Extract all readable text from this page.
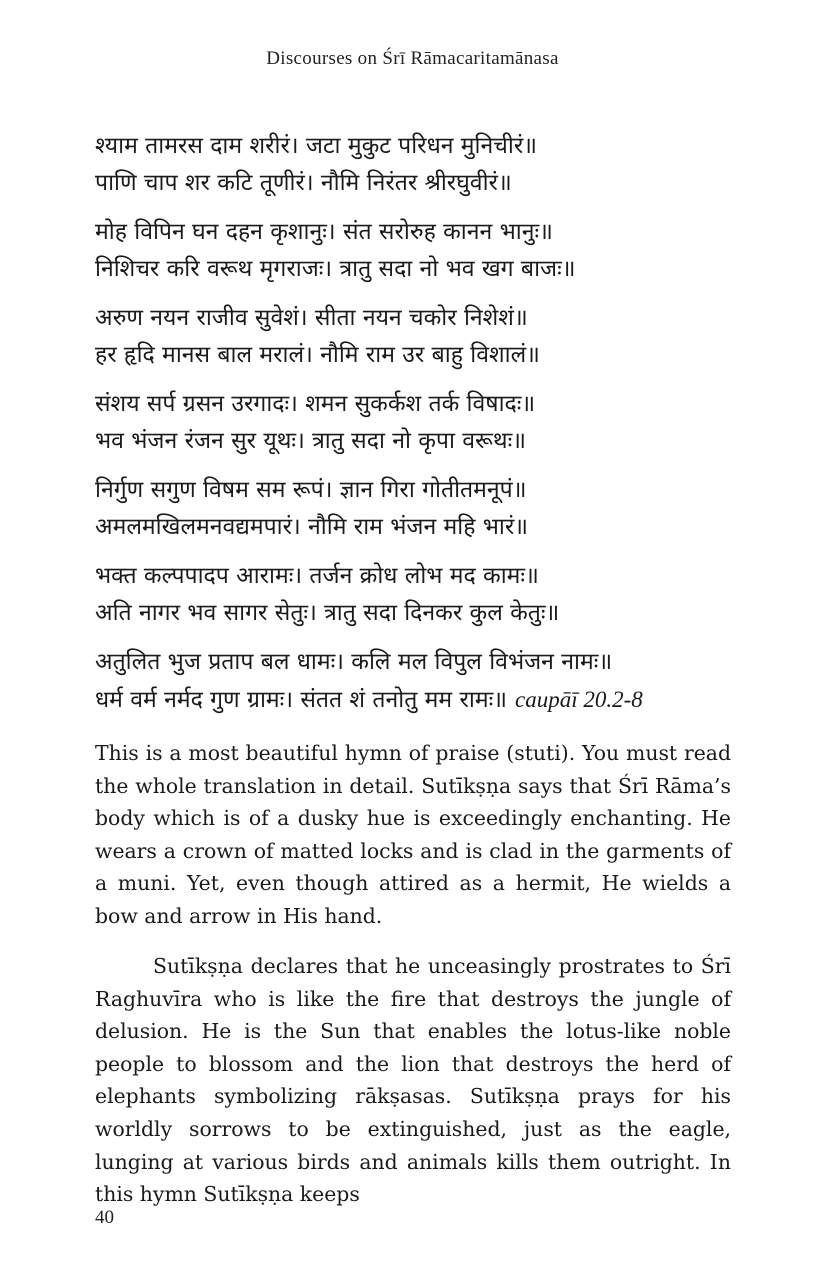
Discourses on Śrī Rāmacaritamānasa
श्याम तामरस दाम शरीरं। जटा मुकुट परिधन मुनिचीरं॥
पाणि चाप शर कटि तूणीरं। नौमि निरंतर श्रीरघुवीरं॥
मोह विपिन घन दहन कृशानुः। संत सरोरुह कानन भानुः॥
निशिचर करि वरूथ मृगराजः। त्रातु सदा नो भव खग बाजः॥
अरुण नयन राजीव सुवेशं। सीता नयन चकोर निशेशं॥
हर हृदि मानस बाल मरालं। नौमि राम उर बाहु विशालं॥
संशय सर्प ग्रसन उरगादः। शमन सुकर्कश तर्क विषादः॥
भव भंजन रंजन सुर यूथः। त्रातु सदा नो कृपा वरूथः॥
निर्गुण सगुण विषम सम रूपं। ज्ञान गिरा गोतीतमनूपं॥
अमलमखिलमनवद्यमपारं। नौमि राम भंजन महि भारं॥
भक्त कल्पपादप आरामः। तर्जन क्रोध लोभ मद कामः॥
अति नागर भव सागर सेतुः। त्रातु सदा दिनकर कुल केतुः॥
अतुलित भुज प्रताप बल धामः। कलि मल विपुल विभंजन नामः॥
धर्म वर्म नर्मद गुण ग्रामः। संतत शं तनोतु मम रामः॥ caupāī 20.2-8

This is a most beautiful hymn of praise (stuti). You must read the whole translation in detail. Sutīkṣṇa says that Śrī Rāma’s body which is of a dusky hue is exceedingly enchanting. He wears a crown of matted locks and is clad in the garments of a muni. Yet, even though attired as a hermit, He wields a bow and arrow in His hand.

Sutīkṣṇa declares that he unceasingly prostrates to Śrī Raghuvīra who is like the fire that destroys the jungle of delusion. He is the Sun that enables the lotus-like noble people to blossom and the lion that destroys the herd of elephants symbolizing rākṣasas. Sutīkṣṇa prays for his worldly sorrows to be extinguished, just as the eagle, lunging at various birds and animals kills them outright. In this hymn Sutīkṣṇa keeps

40
